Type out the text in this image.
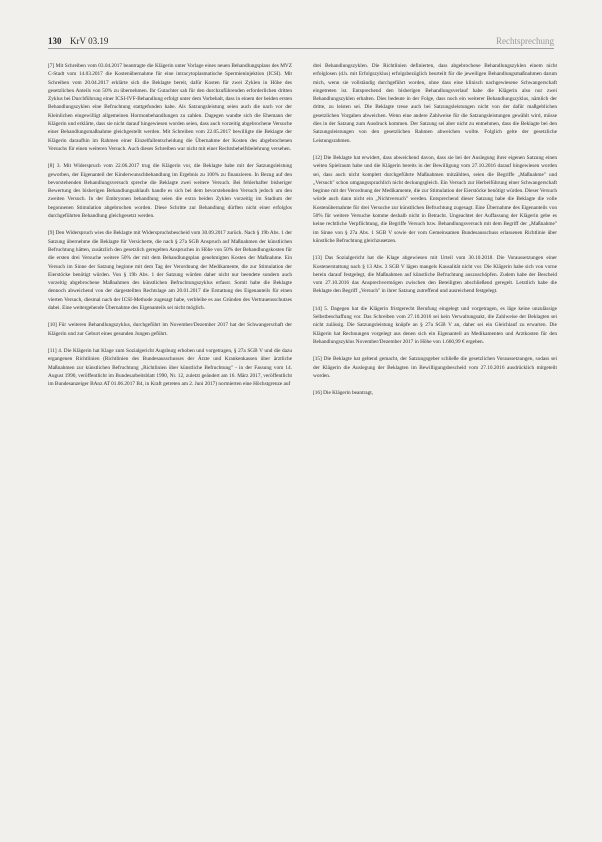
130 KrV 03.19	Rechtsprechung

[7]Mit Schreiben vom 03.04.2017 beantragte die Klägerin unter Vorlage eines neuen Behandlungsplans des MVZ C-Stadt vom 14.03.2017 die Kostenübernahme für eine intracytoplasmatische Spermieninjektion (ICSI). Mit Schreiben vom 20.04.2017 erklärte sich die Beklagte bereit, dafür Kosten für zwei Zyklen in Höhe des gesetzlichen Anteils von 50% zu übernehmen. Ihr Gutachter sah für den durchzuführenden erforderlichen dritten Zyklus bei Durchführung einer ICSI-IVF-Behandlung erfolgt unter dem Vorbehalt, dass in einem der beiden ersten Behandlungszyklen eine Befruchtung stattgefunden habe. Als Satzungsleistung seien auch die nach vor der Kleinlichen eingewilligt allgemeinen Hormonbehandlungen zu zahlen. Dagegen wandte sich die Ehemann der Klägerin und erklärte, dass sie nicht darauf hingewiesen worden seien, dass auch vorzeitig abgebrochene Versuche einer Behandlungsmaßnahme gleichgestellt werden. Mit Schreiben vom 22.05.2017 bewilligte die Beklagte der Klägerin daraufhin im Rahmen einer Einzelfallentscheidung die Übernahme der Kosten des abgebrochenen Versuchs für einen weiteren Versuch. Auch dieses Schreiben war nicht mit einer Rechtsbehelfsbelehrung versehen.

[8] 3. Mit Widerspruch vom 22.06.2017 trug die Klägerin vor, die Beklagte habe mit der Satzungsleistung geworben, der Eigenanteil der Kinderwunschbehandlung im Ergebnis zu 100% zu finanzieren. In Bezug auf den bevorstehenden Behandlungsversuch spreche die Beklagte zwei weitere Versuch. Bei fehlerhafter bisheriger Bewertung des bisherigen Behandlungsablaufs handle es sich bei dem bevorstehenden Versuch jedoch um den zweiten Versuch. In der Embryonen behandlung seien die extra beiden Zyklen vorzeitig im Stadium der begonnenen Stimulation abgebrochen worden. Diese Schritte zur Behandlung dürften nicht einer erfolglos durchgeführten Behandlung gleichgesetzt werden.

[9]Den Widerspruch wies die Beklagte mit Widerspruchsbescheid vom 30.09.2017 zurück. Nach § 19b Abs. 1 der Satzung übernehme die Beklagte für Versicherte, die nach § 27a SGB Anspruch auf Maßnahmen der künstlichen Befruchtung hätten, zusätzlich den gesetzlich geregelten Anspruches in Höhe von 50% der Behandlungskosten für die ersten drei Versuche weitere 50% der mit dem Behandlungsplan genehmigten Kosten der Maßnahme. Ein Versuch im Sinne der Satzung beginne mit dem Tag der Verordnung der Medikamente, die zur Stimulation der Eierstöcke benötigt würden. Von § 19b Abs. 1 der Satzung würden daher nicht nur beendete sondern auch vorzeitig abgebrochene Maßnahmen des künstlichen Befruchtungszyklus erfasst. Somit habe die Beklagte dennoch abweichend von der dargestellten Rechtslage am 20.01.2017 die Erstattung des Eigenanteils für einen vierten Versuch, diesmal nach der ICSI-Methode zugesagt habe, verbleibe es aus Gründen des Vertrauensschutzes dabei. Eine weitergehende Übernahme des Eigenanteils sei nicht möglich.

[10] Für weiteren Behandlungszyklus, durchgeführt im November/Dezember 2017 hat der Schwangerschaft der Klägerin und zur Geburt eines gesunden Jungen geführt.

[11] 4. Die Klägerin hat Klage zum Sozialgericht Augsburg erhoben und vorgetragen, § 27a SGB V und die dazu ergangenen Richtlinien (Richtlinien des Bundesausschusses der Ärzte und Krankenkassen über ärztliche Maßnahmen zur künstlichen Befruchtung „Richtlinien über künstliche Befruchtung" - in der Fassung vom 14. August 1990, veröffentlicht im Bundesarbeitsblatt 1990, Nr. 12, zuletzt geändert am 16. März 2017, veröffentlicht im Bundesanzeiger BAnz AT 01.06.2017 B4, in Kraft getreten am 2. Juni 2017) normierten eine Höchstgrenze auf

drei Behandlungszyklen. Die Richtlinien definierten, dass abgebrochene Behandlungszyklen einem nicht erfolglosen (d.h. mit Erfolgszyklus) erfolgsbezüglich beurteilt für die jeweiligen Behandlungsmaßnahmen darum mich, wenn sie vollständig durchgeführt worden, ohne dass eine klinisch nachgewiesene Schwangerschaft eingetreten ist. Entsprechend den bisherigen Behandlungsverlauf habe die Klägerin also nur zwei Behandlungszyklen erhalten. Dies bedeute in der Folge, dass noch ein weiterer Behandlungszyklus, nämlich der dritte, zu leisten sei. Die Beklagte treue auch bei Satzungsleistungen nicht von der dafür maßgeblichen gesetzlichen Vorgaben abweichen. Wenn eine andere Zahlweise für die Satzungsleistungen gewählt wird, müsse dies in der Satzung zum Ausdruck kommen. Der Satzung sei aber nicht zu entnehmen, dass die Beklagte bei den Satzungsleistungen von den gesetzlichen Rahmen abweichen wollte. Folglich gelte der gesetzliche Leistungsrahmen.

[12] Die Beklagte hat erwidert, dass abweichend davon, dass sie bei der Auslegung ihrer eigenen Satzung einen weiten Spielraum habe und die Klägerin bereits in der Bewilligung vom 27.10.2016 darauf hingewiesen worden sei, dass auch nicht komplett durchgeführte Maßnahmen mitzählten, seien die Begriffe „Maßnahme" und „Versuch" schon umgangssprachlich nicht deckungsgleich. Ein Versuch zur Herbeiführung einer Schwangerschaft beginne mit der Verordnung der Medikamente, die zur Stimulation der Eierstöcke benötigt würden. Dieser Versuch würde auch dann nicht ein „Nichtversuch" werden. Entsprechend dieser Satzung habe die Beklagte die volle Kostenübernahme für drei Versuche zur künstlichen Befruchtung zugesagt. Eine Übernahme des Eigenanteils von 50% für weitere Versuche komme deshalb nicht in Betracht. Ungeachtet der Auffassung der Klägerin gebe es keine rechtliche Verpflichtung, die Begriffe Versuch bzw. Behandlungsversuch mit dem Begriff der „Maßnahme" im Sinne von § 27a Abs. 1 SGB V sowie der vom Gemeinsamen Bundesausschuss erlassenen Richtlinie über künstliche Befruchtung gleichzusetzen.

[13] Das Sozialgericht hat die Klage abgewiesen mit Urteil vom 30.10.2018. Die Voraussetzungen einer Kostenerstattung nach § 13 Abs. 3 SGB V lägen mangels Kausalität nicht vor. Die Klägerin habe sich von vorne herein darauf festgelegt, die Maßnahmen auf künstliche Befruchtung auszuschöpfen. Zudem habe der Bescheid vom 27.10.2016 das Ansprechvermögen zwischen den Beteiligten abschließend geregelt. Letztlich habe die Beklagte den Begriff „Versuch" in ihrer Satzung zutreffend und ausreichend festgelegt.

[14] 5. Dagegen hat die Klägerin fristgerecht Berufung eingelegt und vorgetragen, es läge keine unzulässige Selbstbeschaffung vor. Das Schreiben vom 27.10.2016 sei kein Verwaltungsakt, die Zahlweise der Beklagten sei nicht zulässig. Die Satzungsleistung knüpfe an § 27a SGB V an, daher sei ein Gleichlauf zu erwarten. Die Klägerin hat Rechnungen vorgelegt aus denen sich ein Eigenanteil an Medikamenten und Arztkosten für den Behandlungszyklus November/Dezember 2017 in Höhe von 1.660,99 € ergeben.

[15] Die Beklagte hat geltend gemacht, der Satzungsgeber schließe die gesetzlichen Voraussetzungen, sodass sei der Klägerin die Auslegung der Beklagten im Bewilligungsbescheid vom 27.10.2016 ausdrücklich mitgeteilt worden.

[16]Die Klägerin beantragt,
